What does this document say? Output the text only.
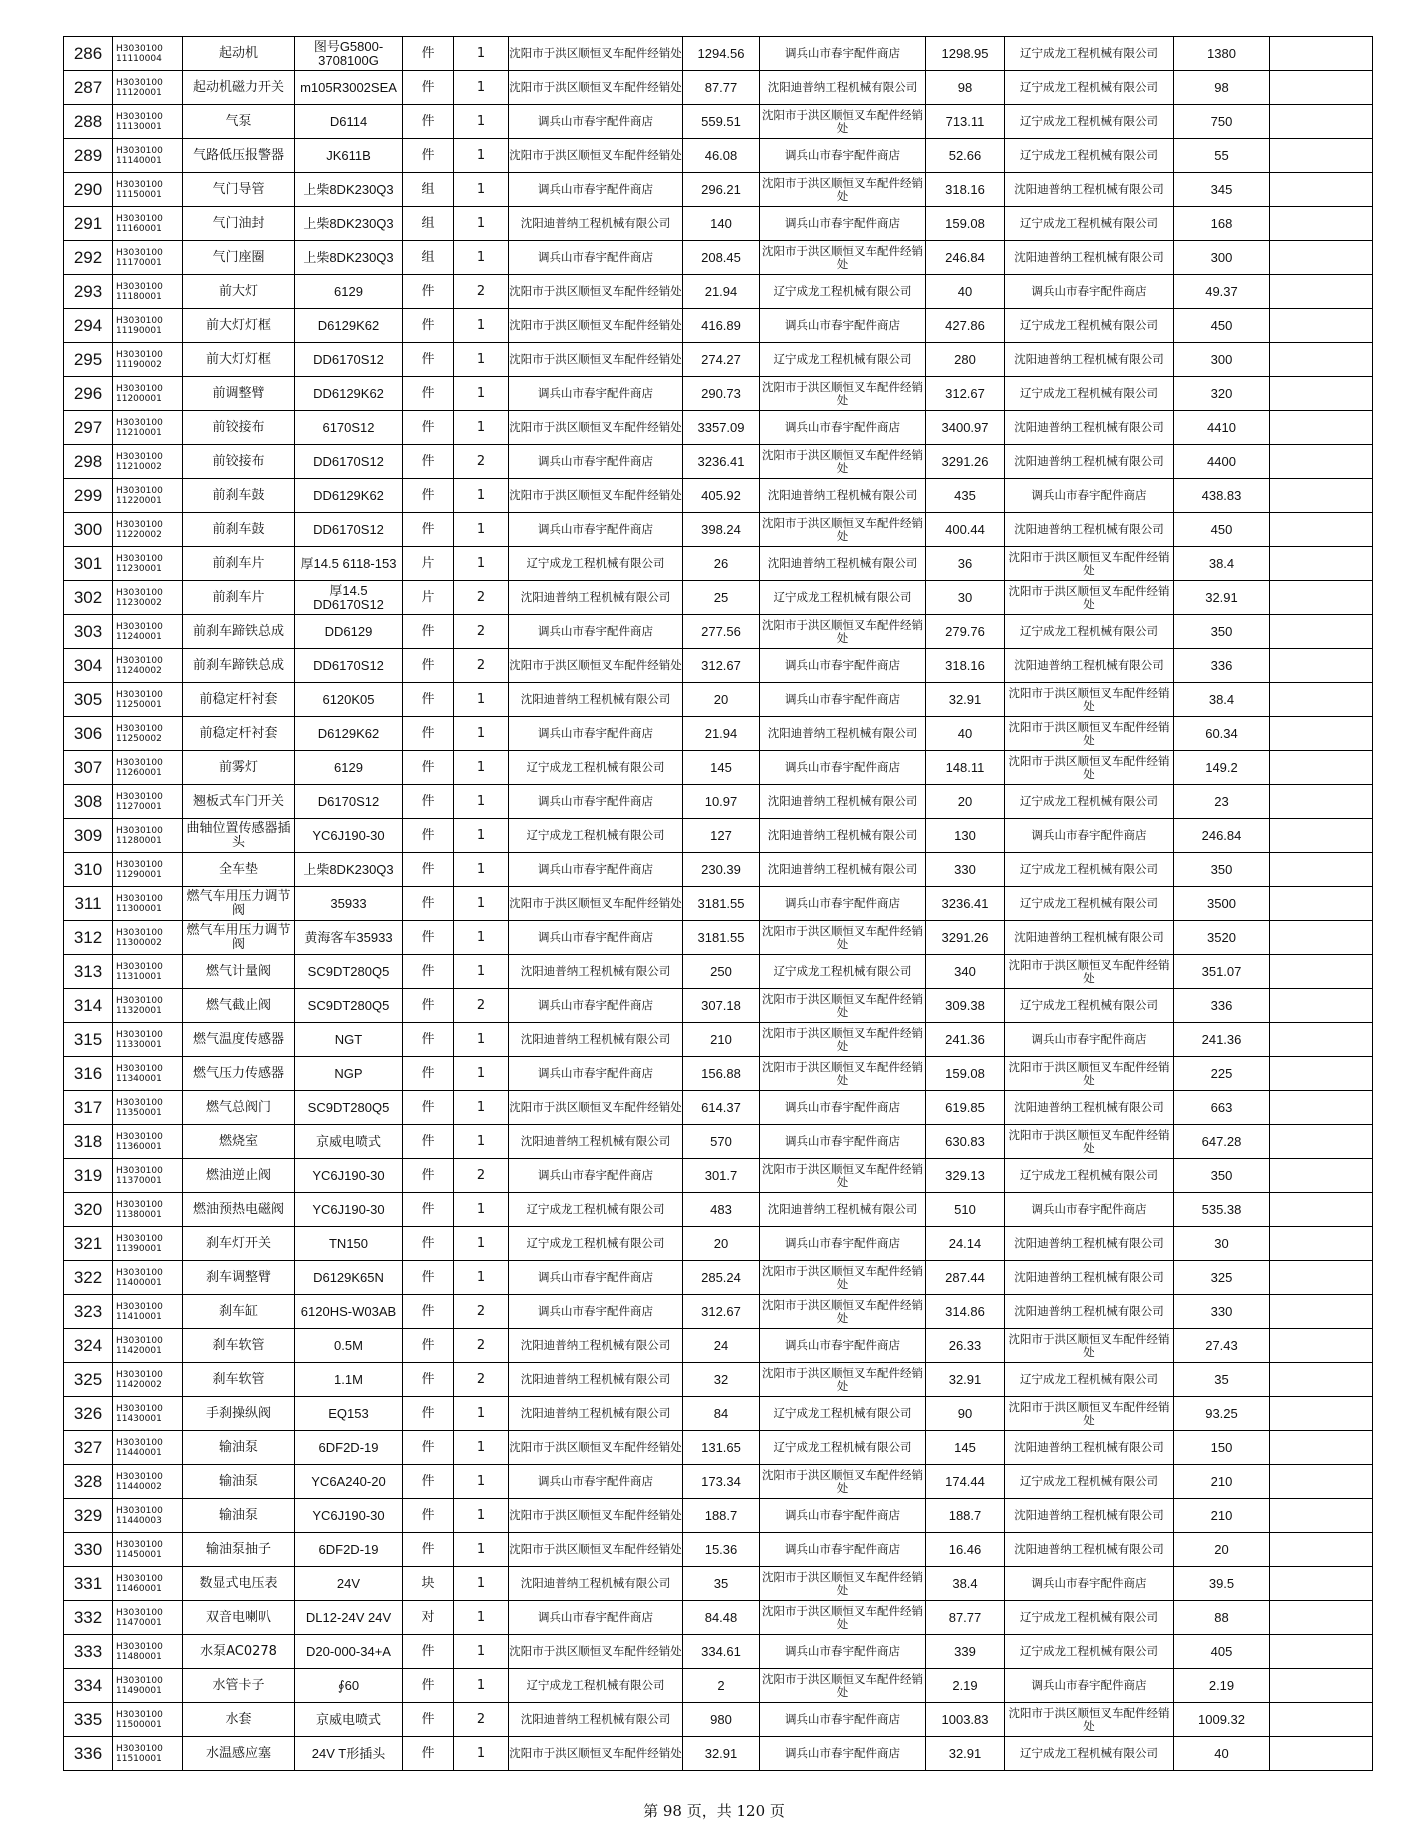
286	H3030100 11110004	起动机	图号G5800-3708100G	件	1	沈阳市于洪区顺恒叉车配件经销处	1294.56	调兵山市春宇配件商店	1298.95	辽宁成龙工程机械有限公司	1380	
287	H3030100 11120001	起动机磁力开关	m105R3002SEA	件	1	沈阳市于洪区顺恒叉车配件经销处	87.77	沈阳迪普纳工程机械有限公司	98	辽宁成龙工程机械有限公司	98	
288	H3030100 11130001	气泵	D6114	件	1	调兵山市春宇配件商店	559.51	沈阳市于洪区顺恒叉车配件经销处	713.11	辽宁成龙工程机械有限公司	750	
289	H3030100 11140001	气路低压报警器	JK611B	件	1	沈阳市于洪区顺恒叉车配件经销处	46.08	调兵山市春宇配件商店	52.66	辽宁成龙工程机械有限公司	55	
290	H3030100 11150001	气门导管	上柴8DK230Q3	组	1	调兵山市春宇配件商店	296.21	沈阳市于洪区顺恒叉车配件经销处	318.16	沈阳迪普纳工程机械有限公司	345	
291	H3030100 11160001	气门油封	上柴8DK230Q3	组	1	沈阳迪普纳工程机械有限公司	140	调兵山市春宇配件商店	159.08	辽宁成龙工程机械有限公司	168	
292	H3030100 11170001	气门座圈	上柴8DK230Q3	组	1	调兵山市春宇配件商店	208.45	沈阳市于洪区顺恒叉车配件经销处	246.84	沈阳迪普纳工程机械有限公司	300	
293	H3030100 11180001	前大灯	6129	件	2	沈阳市于洪区顺恒叉车配件经销处	21.94	辽宁成龙工程机械有限公司	40	调兵山市春宇配件商店	49.37	
294	H3030100 11190001	前大灯灯框	D6129K62	件	1	沈阳市于洪区顺恒叉车配件经销处	416.89	调兵山市春宇配件商店	427.86	辽宁成龙工程机械有限公司	450	
295	H3030100 11190002	前大灯灯框	DD6170S12	件	1	沈阳市于洪区顺恒叉车配件经销处	274.27	辽宁成龙工程机械有限公司	280	沈阳迪普纳工程机械有限公司	300	
296	H3030100 11200001	前调整臂	DD6129K62	件	1	调兵山市春宇配件商店	290.73	沈阳市于洪区顺恒叉车配件经销处	312.67	辽宁成龙工程机械有限公司	320	
297	H3030100 11210001	前铰接布	6170S12	件	1	沈阳市于洪区顺恒叉车配件经销处	3357.09	调兵山市春宇配件商店	3400.97	沈阳迪普纳工程机械有限公司	4410	
298	H3030100 11210002	前铰接布	DD6170S12	件	2	调兵山市春宇配件商店	3236.41	沈阳市于洪区顺恒叉车配件经销处	3291.26	沈阳迪普纳工程机械有限公司	4400	
299	H3030100 11220001	前刹车鼓	DD6129K62	件	1	沈阳市于洪区顺恒叉车配件经销处	405.92	沈阳迪普纳工程机械有限公司	435	调兵山市春宇配件商店	438.83	
300	H3030100 11220002	前刹车鼓	DD6170S12	件	1	调兵山市春宇配件商店	398.24	沈阳市于洪区顺恒叉车配件经销处	400.44	沈阳迪普纳工程机械有限公司	450	
301	H3030100 11230001	前刹车片	厚14.5 6118-153	片	1	辽宁成龙工程机械有限公司	26	沈阳迪普纳工程机械有限公司	36	沈阳市于洪区顺恒叉车配件经销处	38.4	
302	H3030100 11230002	前刹车片	厚14.5 DD6170S12	片	2	沈阳迪普纳工程机械有限公司	25	辽宁成龙工程机械有限公司	30	沈阳市于洪区顺恒叉车配件经销处	32.91	
303	H3030100 11240001	前刹车蹄铁总成	DD6129	件	2	调兵山市春宇配件商店	277.56	沈阳市于洪区顺恒叉车配件经销处	279.76	辽宁成龙工程机械有限公司	350	
304	H3030100 11240002	前刹车蹄铁总成	DD6170S12	件	2	沈阳市于洪区顺恒叉车配件经销处	312.67	调兵山市春宇配件商店	318.16	沈阳迪普纳工程机械有限公司	336	
305	H3030100 11250001	前稳定杆衬套	6120K05	件	1	沈阳迪普纳工程机械有限公司	20	调兵山市春宇配件商店	32.91	沈阳市于洪区顺恒叉车配件经销处	38.4	
306	H3030100 11250002	前稳定杆衬套	D6129K62	件	1	调兵山市春宇配件商店	21.94	沈阳迪普纳工程机械有限公司	40	沈阳市于洪区顺恒叉车配件经销处	60.34	
307	H3030100 11260001	前雾灯	6129	件	1	辽宁成龙工程机械有限公司	145	调兵山市春宇配件商店	148.11	沈阳市于洪区顺恒叉车配件经销处	149.2	
308	H3030100 11270001	翘板式车门开关	D6170S12	件	1	调兵山市春宇配件商店	10.97	沈阳迪普纳工程机械有限公司	20	辽宁成龙工程机械有限公司	23	
309	H3030100 11280001	曲轴位置传感器插头	YC6J190-30	件	1	辽宁成龙工程机械有限公司	127	沈阳迪普纳工程机械有限公司	130	调兵山市春宇配件商店	246.84	
310	H3030100 11290001	全车垫	上柴8DK230Q3	件	1	调兵山市春宇配件商店	230.39	沈阳迪普纳工程机械有限公司	330	辽宁成龙工程机械有限公司	350	
311	H3030100 11300001	燃气车用压力调节阀	35933	件	1	沈阳市于洪区顺恒叉车配件经销处	3181.55	调兵山市春宇配件商店	3236.41	辽宁成龙工程机械有限公司	3500	
312	H3030100 11300002	燃气车用压力调节阀	黄海客车35933	件	1	调兵山市春宇配件商店	3181.55	沈阳市于洪区顺恒叉车配件经销处	3291.26	沈阳迪普纳工程机械有限公司	3520	
313	H3030100 11310001	燃气计量阀	SC9DT280Q5	件	1	沈阳迪普纳工程机械有限公司	250	辽宁成龙工程机械有限公司	340	沈阳市于洪区顺恒叉车配件经销处	351.07	
314	H3030100 11320001	燃气截止阀	SC9DT280Q5	件	2	调兵山市春宇配件商店	307.18	沈阳市于洪区顺恒叉车配件经销处	309.38	辽宁成龙工程机械有限公司	336	
315	H3030100 11330001	燃气温度传感器	NGT	件	1	沈阳迪普纳工程机械有限公司	210	沈阳市于洪区顺恒叉车配件经销处	241.36	调兵山市春宇配件商店	241.36	
316	H3030100 11340001	燃气压力传感器	NGP	件	1	调兵山市春宇配件商店	156.88	沈阳市于洪区顺恒叉车配件经销处	159.08	沈阳市于洪区顺恒叉车配件经销处	225	
317	H3030100 11350001	燃气总阀门	SC9DT280Q5	件	1	沈阳市于洪区顺恒叉车配件经销处	614.37	调兵山市春宇配件商店	619.85	沈阳迪普纳工程机械有限公司	663	
318	H3030100 11360001	燃烧室	京威电喷式	件	1	沈阳迪普纳工程机械有限公司	570	调兵山市春宇配件商店	630.83	沈阳市于洪区顺恒叉车配件经销处	647.28	
319	H3030100 11370001	燃油逆止阀	YC6J190-30	件	2	调兵山市春宇配件商店	301.7	沈阳市于洪区顺恒叉车配件经销处	329.13	辽宁成龙工程机械有限公司	350	
320	H3030100 11380001	燃油预热电磁阀	YC6J190-30	件	1	辽宁成龙工程机械有限公司	483	沈阳迪普纳工程机械有限公司	510	调兵山市春宇配件商店	535.38	
321	H3030100 11390001	刹车灯开关	TN150	件	1	辽宁成龙工程机械有限公司	20	调兵山市春宇配件商店	24.14	沈阳迪普纳工程机械有限公司	30	
322	H3030100 11400001	刹车调整臂	D6129K65N	件	1	调兵山市春宇配件商店	285.24	沈阳市于洪区顺恒叉车配件经销处	287.44	沈阳迪普纳工程机械有限公司	325	
323	H3030100 11410001	刹车缸	6120HS-W03AB	件	2	调兵山市春宇配件商店	312.67	沈阳市于洪区顺恒叉车配件经销处	314.86	沈阳迪普纳工程机械有限公司	330	
324	H3030100 11420001	刹车软管	0.5M	件	2	沈阳迪普纳工程机械有限公司	24	调兵山市春宇配件商店	26.33	沈阳市于洪区顺恒叉车配件经销处	27.43	
325	H3030100 11420002	刹车软管	1.1M	件	2	沈阳迪普纳工程机械有限公司	32	沈阳市于洪区顺恒叉车配件经销处	32.91	辽宁成龙工程机械有限公司	35	
326	H3030100 11430001	手刹操纵阀	EQ153	件	1	沈阳迪普纳工程机械有限公司	84	辽宁成龙工程机械有限公司	90	沈阳市于洪区顺恒叉车配件经销处	93.25	
327	H3030100 11440001	输油泵	6DF2D-19	件	1	沈阳市于洪区顺恒叉车配件经销处	131.65	辽宁成龙工程机械有限公司	145	沈阳迪普纳工程机械有限公司	150	
328	H3030100 11440002	输油泵	YC6A240-20	件	1	调兵山市春宇配件商店	173.34	沈阳市于洪区顺恒叉车配件经销处	174.44	辽宁成龙工程机械有限公司	210	
329	H3030100 11440003	输油泵	YC6J190-30	件	1	沈阳市于洪区顺恒叉车配件经销处	188.7	调兵山市春宇配件商店	188.7	沈阳迪普纳工程机械有限公司	210	
330	H3030100 11450001	输油泵抽子	6DF2D-19	件	1	沈阳市于洪区顺恒叉车配件经销处	15.36	调兵山市春宇配件商店	16.46	沈阳迪普纳工程机械有限公司	20	
331	H3030100 11460001	数显式电压表	24V	块	1	沈阳迪普纳工程机械有限公司	35	沈阳市于洪区顺恒叉车配件经销处	38.4	调兵山市春宇配件商店	39.5	
332	H3030100 11470001	双音电喇叭	DL12-24V 24V	对	1	调兵山市春宇配件商店	84.48	沈阳市于洪区顺恒叉车配件经销处	87.77	辽宁成龙工程机械有限公司	88	
333	H3030100 11480001	水泵AC0278	D20-000-34+A	件	1	沈阳市于洪区顺恒叉车配件经销处	334.61	调兵山市春宇配件商店	339	辽宁成龙工程机械有限公司	405	
334	H3030100 11490001	水管卡子	∮60	件	1	辽宁成龙工程机械有限公司	2	沈阳市于洪区顺恒叉车配件经销处	2.19	调兵山市春宇配件商店	2.19	
335	H3030100 11500001	水套	京威电喷式	件	2	沈阳迪普纳工程机械有限公司	980	调兵山市春宇配件商店	1003.83	沈阳市于洪区顺恒叉车配件经销处	1009.32	
336	H3030100 11510001	水温感应塞	24V T形插头	件	1	沈阳市于洪区顺恒叉车配件经销处	32.91	调兵山市春宇配件商店	32.91	辽宁成龙工程机械有限公司	40	
第 98 页，共 120 页
